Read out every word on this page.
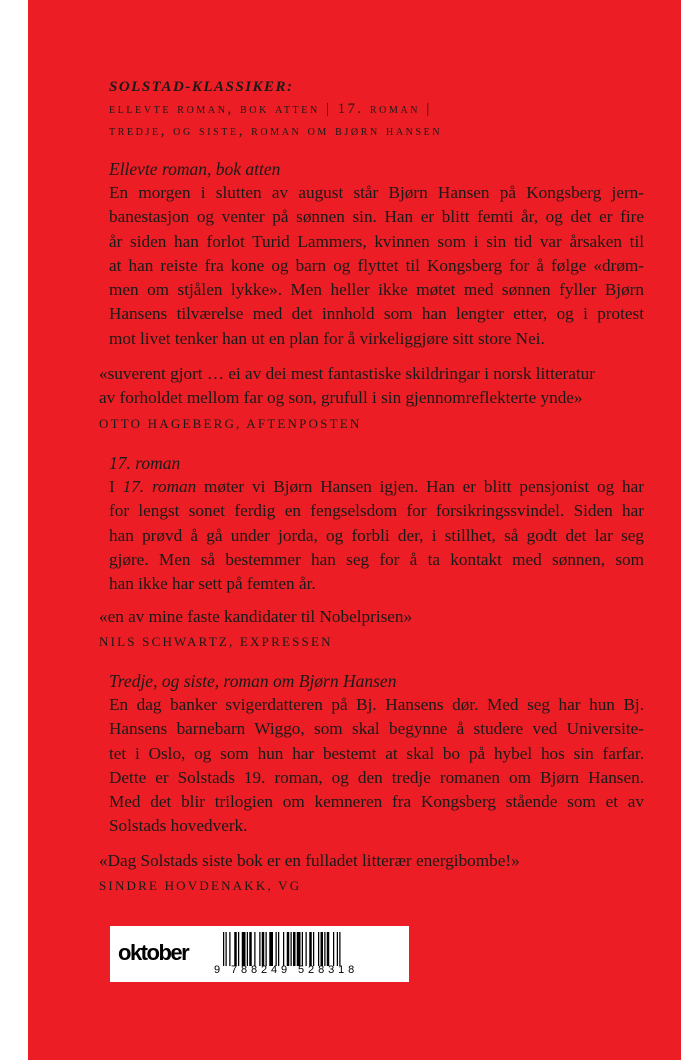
SOLSTAD-KLASSIKER:
ellevte roman, bok atten | 17. roman |
tredje, og siste, roman om bjørn hansen
Ellevte roman, bok atten
En morgen i slutten av august står Bjørn Hansen på Kongsberg jern-
banestasjon og venter på sønnen sin. Han er blitt femti år, og det er fire
år siden han forlot Turid Lammers, kvinnen som i sin tid var årsaken til
at han reiste fra kone og barn og flyttet til Kongsberg for å følge «drøm-
men om stjålen lykke». Men heller ikke møtet med sønnen fyller Bjørn
Hansens tilværelse med det innhold som han lengter etter, og i protest
mot livet tenker han ut en plan for å virkeliggjøre sitt store Nei.
«suverent gjort … ei av dei mest fantastiske skildringar i norsk litteratur
av forholdet mellom far og son, grufull i sin gjennomreflekterte ynde»
OTTO HAGEBERG, AFTENPOSTEN
17. roman
I 17. roman møter vi Bjørn Hansen igjen. Han er blitt pensjonist og har
for lengst sonet ferdig en fengselsdom for forsikringssvindel. Siden har
han prøvd å gå under jorda, og forbli der, i stillhet, så godt det lar seg
gjøre. Men så bestemmer han seg for å ta kontakt med sønnen, som
han ikke har sett på femten år.
«en av mine faste kandidater til Nobelprisen»
NILS SCHWARTZ, EXPRESSEN
Tredje, og siste, roman om Bjørn Hansen
En dag banker svigerdatteren på Bj. Hansens dør. Med seg har hun Bj.
Hansens barnebarn Wiggo, som skal begynne å studere ved Universite-
tet i Oslo, og som hun har bestemt at skal bo på hybel hos sin farfar.
Dette er Solstads 19. roman, og den tredje romanen om Bjørn Hansen.
Med det blir trilogien om kemneren fra Kongsberg stående som et av
Solstads hovedverk.
«Dag Solstads siste bok er en fulladet litterær energibombe!»
SINDRE HOVDENAKK, VG
oktober
9 788249 528318
